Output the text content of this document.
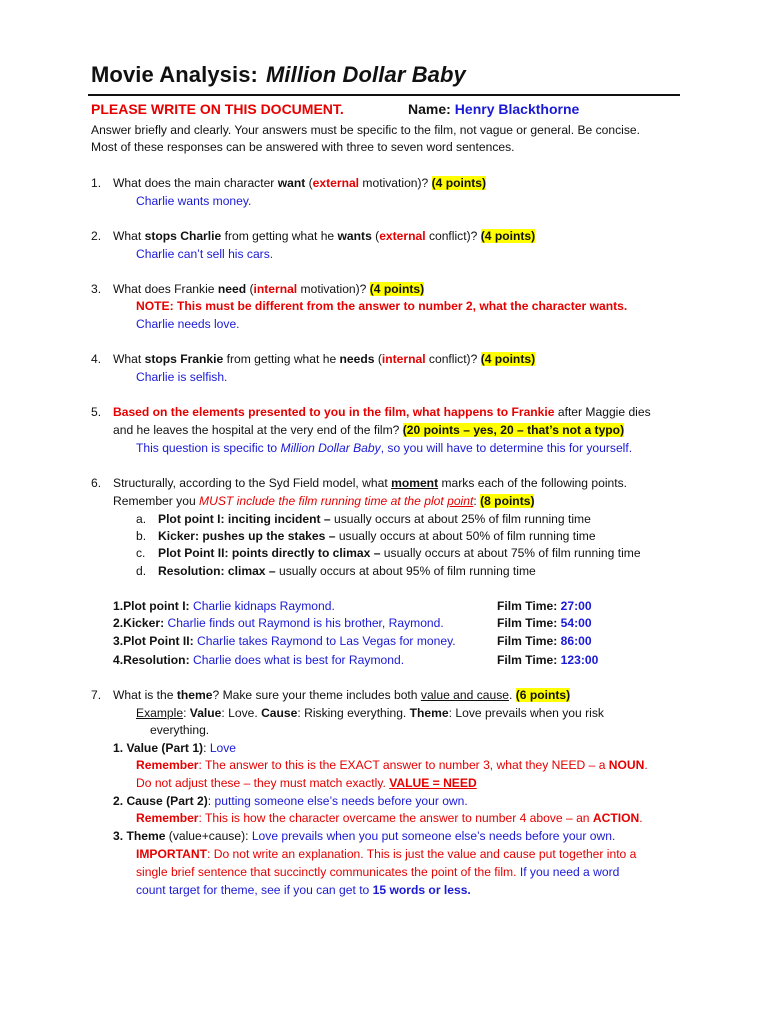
Movie Analysis: Million Dollar Baby
PLEASE WRITE ON THIS DOCUMENT.	Name: Henry Blackthorne
Answer briefly and clearly. Your answers must be specific to the film, not vague or general. Be concise.
Most of these responses can be answered with three to seven word sentences.
1. What does the main character want (external motivation)? (4 points)
Charlie wants money.
2. What stops Charlie from getting what he wants (external conflict)? (4 points)
Charlie can’t sell his cars.
3. What does Frankie need (internal motivation)? (4 points)
NOTE: This must be different from the answer to number 2, what the character wants.
Charlie needs love.
4. What stops Frankie from getting what he needs (internal conflict)? (4 points)
Charlie is selfish.
5. Based on the elements presented to you in the film, what happens to Frankie after Maggie dies
and he leaves the hospital at the very end of the film? (20 points – yes, 20 – that’s not a typo)
This question is specific to Million Dollar Baby, so you will have to determine this for yourself.
6. Structurally, according to the Syd Field model, what moment marks each of the following points.
Remember you MUST include the film running time at the plot point: (8 points)
a. Plot point I: inciting incident – usually occurs at about 25% of film running time
b. Kicker: pushes up the stakes – usually occurs at about 50% of film running time
c. Plot Point II: points directly to climax – usually occurs at about 75% of film running time
d. Resolution: climax – usually occurs at about 95% of film running time
1.Plot point I: Charlie kidnaps Raymond.	Film Time: 27:00
2.Kicker: Charlie finds out Raymond is his brother, Raymond.	Film Time: 54:00
3.Plot Point II: Charlie takes Raymond to Las Vegas for money.	Film Time: 86:00
4.Resolution: Charlie does what is best for Raymond.	Film Time: 123:00
7. What is the theme? Make sure your theme includes both value and cause. (6 points)
Example: Value: Love. Cause: Risking everything. Theme: Love prevails when you risk
everything.
1. Value (Part 1): Love
Remember: The answer to this is the EXACT answer to number 3, what they NEED – a NOUN.
Do not adjust these – they must match exactly. VALUE = NEED
2. Cause (Part 2): putting someone else’s needs before your own.
Remember: This is how the character overcame the answer to number 4 above – an ACTION.
3. Theme (value+cause): Love prevails when you put someone else’s needs before your own.
IMPORTANT: Do not write an explanation. This is just the value and cause put together into a
single brief sentence that succinctly communicates the point of the film. If you need a word
count target for theme, see if you can get to 15 words or less.
